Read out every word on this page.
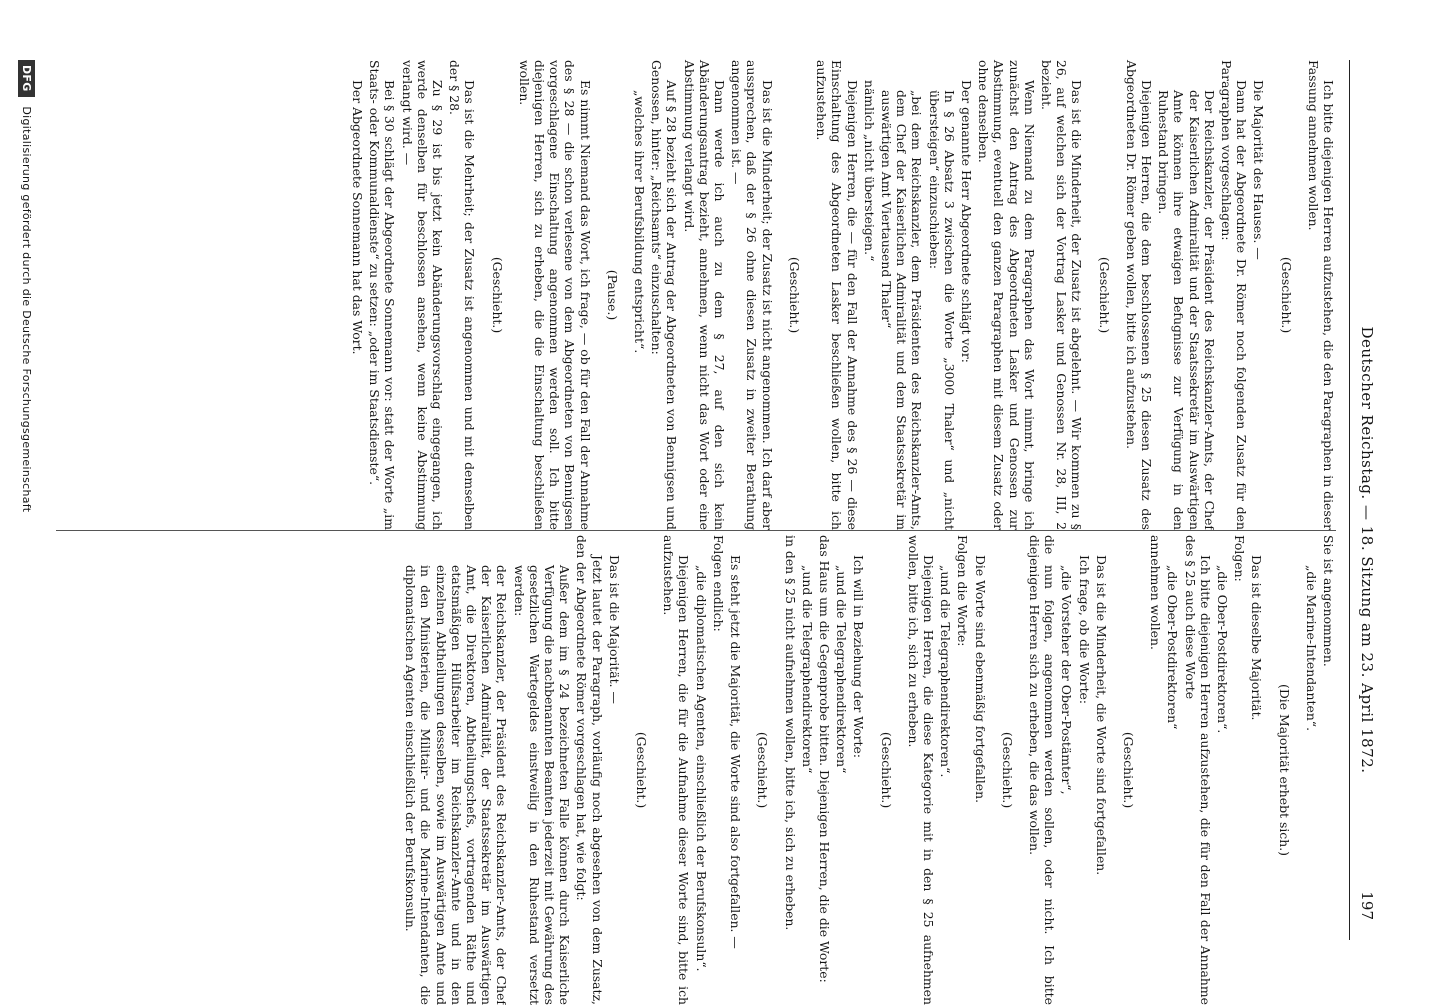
Deutscher Reichstag. — 18. Sitzung am 23. April 1872.
197

Ich bitte diejenigen Herren aufzustehen, die den Paragraphen in dieser Fassung annehmen wollen.

(Geschieht.)

Die Majorität des Hauses. —

Dann hat der Abgeordnete Dr. Römer noch folgenden Zusatz für den Paragraphen vorgeschlagen:

Der Reichskanzler, der Präsident des Reichskanzler-Amts, der Chef der Kaiserlichen Admiralität und der Staatssekretär im Auswärtigen Amte können ihre etwaigen Befugnisse zur Verfügung in den Ruhestand bringen.

Diejenigen Herren, die dem beschlossenen § 25 diesen Zusatz des Abgeordneten Dr. Römer geben wollen, bitte ich aufzustehen.

(Geschieht.)

Das ist die Minderheit, der Zusatz ist abgelehnt. — Wir kommen zu § 26, auf welchen sich der Vortrag Lasker und Genossen Nr. 28, III, 2 bezieht.

Wenn Niemand zu dem Paragraphen das Wort nimmt, bringe ich zunächst den Antrag des Abgeordneten Lasker und Genossen zur Abstimmung, eventuell den ganzen Paragraphen mit diesem Zusatz oder ohne denselben.

Der genannte Herr Abgeordnete schlägt vor:

In § 26 Absatz 3 zwischen die Worte „3000 Thaler“ und „nicht übersteigen“ einzuschieben:

„bei dem Reichskanzler, dem Präsidenten des Reichskanzler-Amts, dem Chef der Kaiserlichen Admiralität und dem Staatssekretär im auswärtigen Amt Viertausend Thaler“

nämlich „nicht übersteigen.“

Diejenigen Herren, die — für den Fall der Annahme des § 26 — diese Einschaltung des Abgeordneten Lasker beschließen wollen, bitte ich aufzustehen.

(Geschieht.)

Das ist die Minderheit; der Zusatz ist nicht angenommen. Ich darf aber aussprechen, daß der § 26 ohne diesen Zusatz in zweiter Berathung angenommen ist. —

Dann werde ich auch zu dem § 27, auf den sich kein Abänderungsantrag bezieht, annehmen, wenn nicht das Wort oder eine Abstimmung verlangt wird.

Auf § 28 bezieht sich der Antrag der Abgeordneten von Bennigsen und Genossen, hinter: „Reichsamts“ einzuschalten:

„welches ihrer Berufsbildung entspricht“.

(Pause.)

Es nimmt Niemand das Wort, ich frage, — ob für den Fall der Annahme des § 28 — die schon verlesene von dem Abgeordneten von Bennigsen vorgeschlagene Einschaltung angenommen werden soll. Ich bitte diejenigen Herren, sich zu erheben, die die Einschaltung beschließen wollen.

(Geschieht.)

Das ist die Mehrheit; der Zusatz ist angenommen und mit demselben der § 28.

Zu § 29 ist bis jetzt kein Abänderungsvorschlag eingegangen, ich werde denselben für beschlossen ansehen, wenn keine Abstimmung verlangt wird. —

Bei § 30 schlägt der Abgeordnete Sonnemann vor: statt der Worte „im Staats- oder Kommunaldienste“ zu setzen: „oder im Staatsdienste“.

Der Abgeordnete Sonnemann hat das Wort.

Sie ist angenommen.

„die Marine-Intendanten“.

(Die Majorität erhebt sich.)

Das ist dieselbe Majorität.

Folgen:

„die Ober-Postdirektoren“.

Ich bitte diejenigen Herren aufzustehen, die für den Fall der Annahme des § 25 auch diese Worte

„die Ober-Postdirektoren“

annehmen wollen.

(Geschieht.)

Das ist die Minderheit, die Worte sind fortgefallen.

Ich frage, ob die Worte:

„die Vorsteher der Ober-Postämter“,

die nun folgen, angenommen werden sollen, oder nicht. Ich bitte diejenigen Herren sich zu erheben, die das wollen.

(Geschieht.)

Die Worte sind ebenmäßig fortgefallen.

Folgen die Worte:

„und die Telegraphendirektoren“.

Diejenigen Herren, die diese Kategorie mit in den § 25 aufnehmen wollen, bitte ich, sich zu erheben.

(Geschieht.)

Ich will in Beziehung der Worte:

„und die Telegraphendirektoren“

das Haus um die Gegenprobe bitten. Diejenigen Herren, die die Worte:

„und die Telegraphendirektoren“

in den § 25 nicht aufnehmen wollen, bitte ich, sich zu erheben.

(Geschieht.)

Es steht jetzt die Majorität, die Worte sind also fortgefallen. —

Folgen endlich:

„die diplomatischen Agenten, einschließlich der Berufskonsuln“.

Diejenigen Herren, die für die Aufnahme dieser Worte sind, bitte ich aufzustehen.

(Geschieht.)

Das ist die Majorität. —

Jetzt lautet der Paragraph, vorläufig noch abgesehen von dem Zusatz, den der Abgeordnete Römer vorgeschlagen hat, wie folgt:

Außer dem im § 24 bezeichneten Falle können durch Kaiserliche Verfügung die nachbenannten Beamten jederzeit mit Gewährung des gesetzlichen Wartegeldes einstweilig in den Ruhestand versetzt werden:

der Reichskanzler, der Präsident des Reichskanzler-Amts, der Chef der Kaiserlichen Admiralität, der Staatssekretär im Auswärtigen Amt, die Direktoren, Abtheilungschefs, vortragenden Räthe und etatsmäßigen Hülfsarbeiter im Reichskanzler-Amte und in den einzelnen Abtheilungen desselben, sowie im Auswärtigen Amte und in den Ministerien, die Militair- und die Marine-Intendanten, die diplomatischen Agenten einschließlich der Berufskonsuln.

DFG Digitalisierung gefördert durch die Deutsche Forschungsgemeinschaft
